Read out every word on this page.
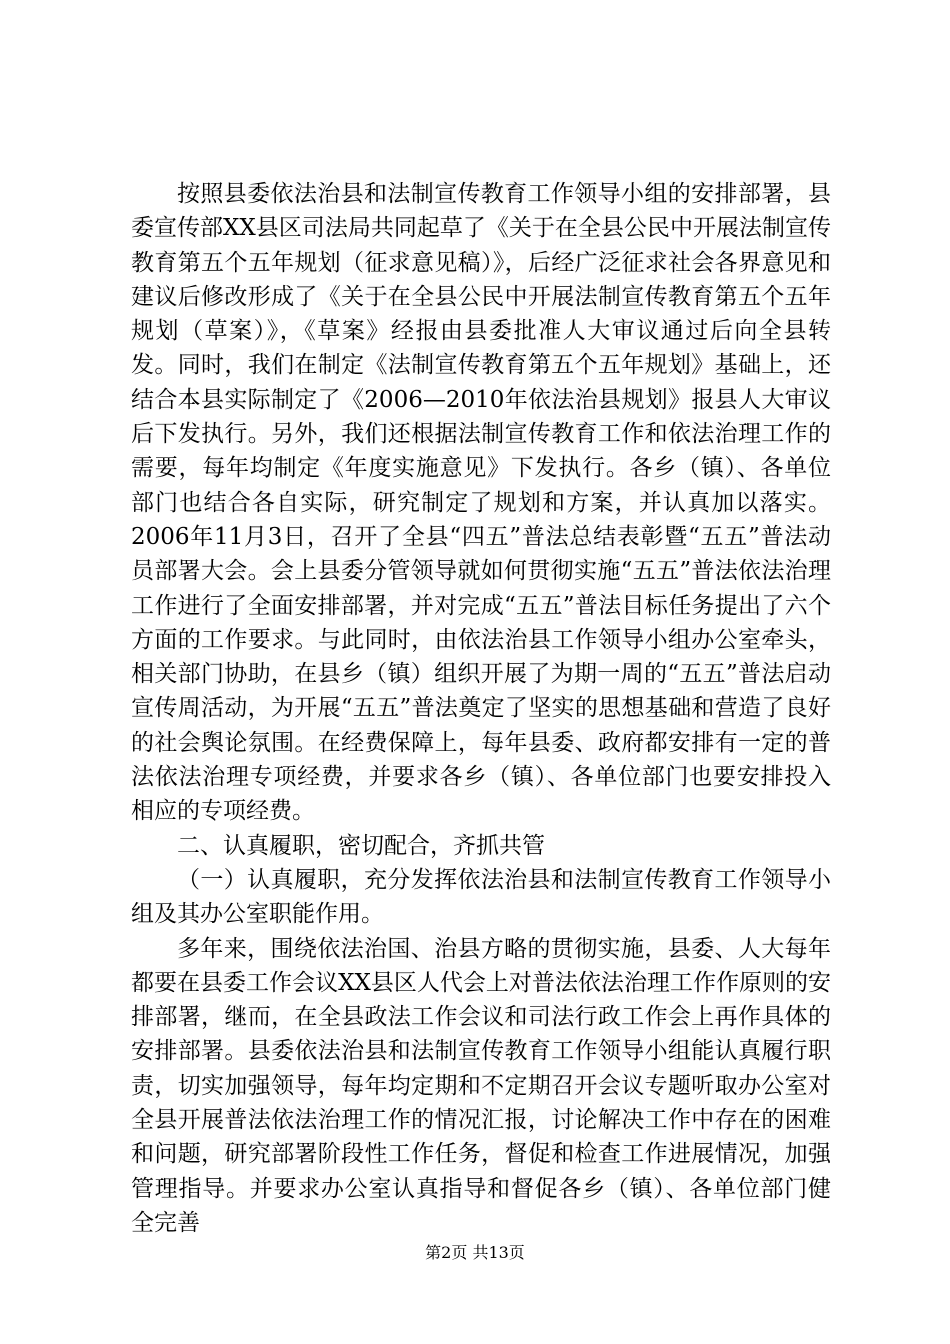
按照县委依法治县和法制宣传教育工作领导小组的安排部署，县委宣传部XX县区司法局共同起草了《关于在全县公民中开展法制宣传教育第五个五年规划（征求意见稿）》，后经广泛征求社会各界意见和建议后修改形成了《关于在全县公民中开展法制宣传教育第五个五年规划（草案）》，《草案》经报由县委批准人大审议通过后向全县转发。同时，我们在制定《法制宣传教育第五个五年规划》基础上，还结合本县实际制定了《2006—2010年依法治县规划》报县人大审议后下发执行。另外，我们还根据法制宣传教育工作和依法治理工作的需要，每年均制定《年度实施意见》下发执行。各乡（镇）、各单位部门也结合各自实际，研究制定了规划和方案，并认真加以落实。2006年11月3日，召开了全县“四五”普法总结表彰暨“五五”普法动员部署大会。会上县委分管领导就如何贯彻实施“五五”普法依法治理工作进行了全面安排部署，并对完成“五五”普法目标任务提出了六个方面的工作要求。与此同时，由依法治县工作领导小组办公室牵头，相关部门协助，在县乡（镇）组织开展了为期一周的“五五”普法启动宣传周活动，为开展“五五”普法奠定了坚实的思想基础和营造了良好的社会舆论氛围。在经费保障上，每年县委、政府都安排有一定的普法依法治理专项经费，并要求各乡（镇）、各单位部门也要安排投入相应的专项经费。

二、认真履职，密切配合，齐抓共管

（一）认真履职，充分发挥依法治县和法制宣传教育工作领导小组及其办公室职能作用。

多年来，围绕依法治国、治县方略的贯彻实施，县委、人大每年都要在县委工作会议XX县区人代会上对普法依法治理工作作原则的安排部署，继而，在全县政法工作会议和司法行政工作会上再作具体的安排部署。县委依法治县和法制宣传教育工作领导小组能认真履行职责，切实加强领导，每年均定期和不定期召开会议专题听取办公室对全县开展普法依法治理工作的情况汇报，讨论解决工作中存在的困难和问题，研究部署阶段性工作任务，督促和检查工作进展情况，加强管理指导。并要求办公室认真指导和督促各乡（镇）、各单位部门健全完善

第2页 共13页
